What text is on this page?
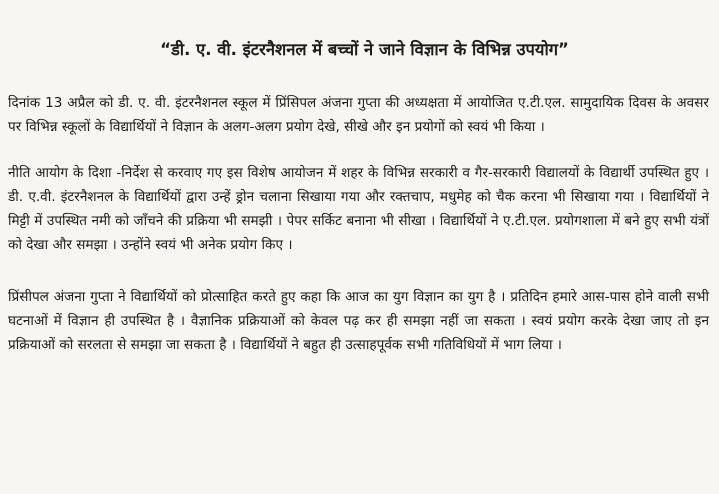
“डी. ए. वी. इंटरनैशनल में बच्चों ने जाने विज्ञान के विभिन्न उपयोग”

दिनांक 13 अप्रैल को डी. ए. वी. इंटरनैशनल स्कूल में प्रिंसिपल अंजना गुप्ता की अध्यक्षता में आयोजित ए.टी.एल. सामुदायिक दिवस के अवसर पर विभिन्न स्कूलों के विद्यार्थियों ने विज्ञान के अलग-अलग प्रयोग देखे, सीखे और इन प्रयोगों को स्वयं भी किया ।

नीति आयोग के दिशा -निर्देश से करवाए गए इस विशेष आयोजन में शहर के विभिन्न सरकारी व गैर-सरकारी विद्यालयों के विद्यार्थी उपस्थित हुए । डी. ए.वी. इंटरनैशनल के विद्यार्थियों द्वारा उन्हें ड्रोन चलाना सिखाया गया और रक्तचाप, मधुमेह को चैक करना भी सिखाया गया । विद्यार्थियों ने मिट्टी में उपस्थित नमी को जाँचने की प्रक्रिया भी समझी । पेपर सर्किट बनाना भी सीखा । विद्यार्थियों ने ए.टी.एल. प्रयोगशाला में बने हुए सभी यंत्रों को देखा और समझा । उन्होंने स्वयं भी अनेक प्रयोग किए ।

प्रिंसीपल अंजना गुप्ता ने विद्यार्थियों को प्रोत्साहित करते हुए कहा कि आज का युग विज्ञान का युग है । प्रतिदिन हमारे आस-पास होने वाली सभी घटनाओं में विज्ञान ही उपस्थित है । वैज्ञानिक प्रक्रियाओं को केवल पढ़ कर ही समझा नहीं जा सकता । स्वयं प्रयोग करके देखा जाए तो इन प्रक्रियाओं को सरलता से समझा जा सकता है । विद्यार्थियों ने बहुत ही उत्साहपूर्वक सभी गतिविधियों में भाग लिया ।
